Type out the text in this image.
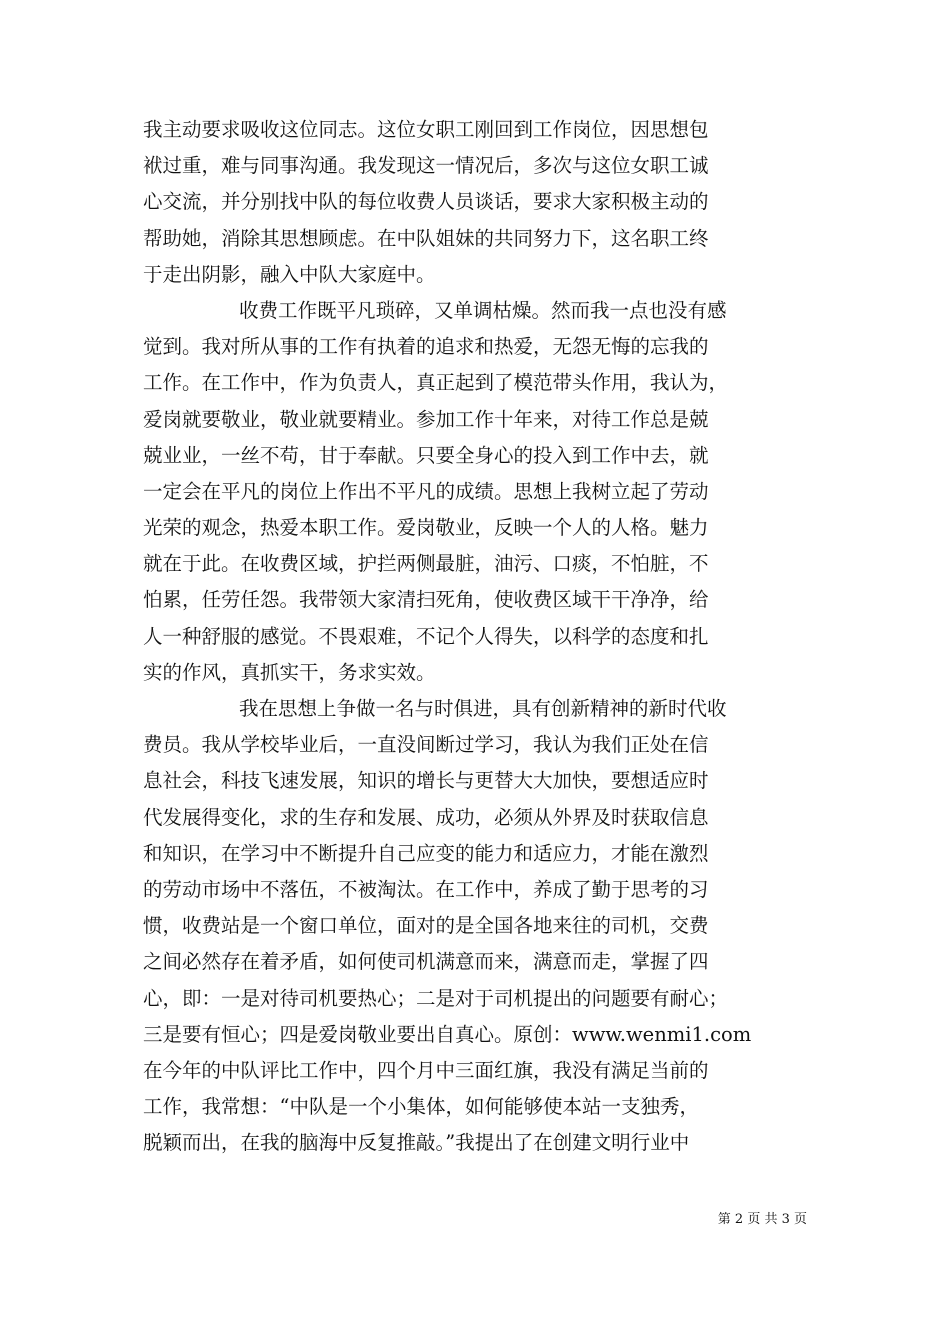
我主动要求吸收这位同志。这位女职工刚回到工作岗位，因思想包
袱过重，难与同事沟通。我发现这一情况后，多次与这位女职工诚
心交流，并分别找中队的每位收费人员谈话，要求大家积极主动的
帮助她，消除其思想顾虑。在中队姐妹的共同努力下，这名职工终
于走出阴影，融入中队大家庭中。
收费工作既平凡琐碎，又单调枯燥。然而我一点也没有感
觉到。我对所从事的工作有执着的追求和热爱，无怨无悔的忘我的
工作。在工作中，作为负责人，真正起到了模范带头作用，我认为，
爱岗就要敬业，敬业就要精业。参加工作十年来，对待工作总是兢
兢业业，一丝不苟，甘于奉献。只要全身心的投入到工作中去，就
一定会在平凡的岗位上作出不平凡的成绩。思想上我树立起了劳动
光荣的观念，热爱本职工作。爱岗敬业，反映一个人的人格。魅力
就在于此。在收费区域，护拦两侧最脏，油污、口痰，不怕脏，不
怕累，任劳任怨。我带领大家清扫死角，使收费区域干干净净，给
人一种舒服的感觉。不畏艰难，不记个人得失，以科学的态度和扎
实的作风，真抓实干，务求实效。
我在思想上争做一名与时俱进，具有创新精神的新时代收
费员。我从学校毕业后，一直没间断过学习，我认为我们正处在信
息社会，科技飞速发展，知识的增长与更替大大加快，要想适应时
代发展得变化，求的生存和发展、成功，必须从外界及时获取信息
和知识，在学习中不断提升自己应变的能力和适应力，才能在激烈
的劳动市场中不落伍，不被淘汰。在工作中，养成了勤于思考的习
惯，收费站是一个窗口单位，面对的是全国各地来往的司机，交费
之间必然存在着矛盾，如何使司机满意而来，满意而走，掌握了四
心，即：一是对待司机要热心；二是对于司机提出的问题要有耐心；
三是要有恒心；四是爱岗敬业要出自真心。原创：www.wenmi1.com
在今年的中队评比工作中，四个月中三面红旗，我没有满足当前的
工作，我常想：“中队是一个小集体，如何能够使本站一支独秀，
脱颖而出，在我的脑海中反复推敲。”我提出了在创建文明行业中
第 2 页 共 3 页
